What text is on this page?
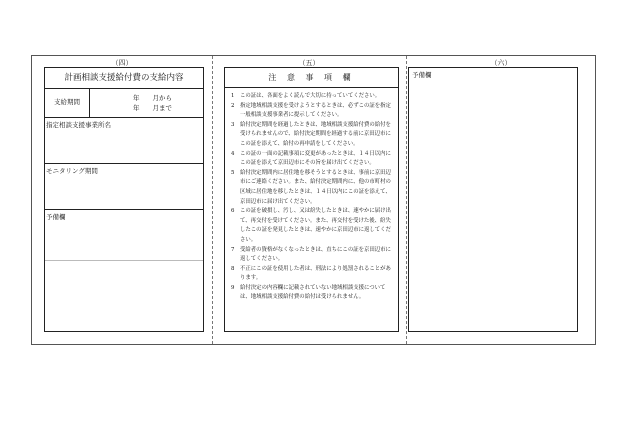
（四）
計画相談支援給付費の支給内容
支給期間	年　　月から
年　　月まで
指定相談支援事業所名
モニタリング期間
予備欄
（五）
注 意 事 項 欄
1 この証は、各面をよく読んで大切に持っていてください。
2 指定地域相談支援を受けようとするときは、必ずこの証を指定一般相談支援事業者に提示してください。
3 給付決定期間を経過したときは、地域相談支援給付費の給付を受けられませんので、給付決定期間を経過する前に京田辺市にこの証を添えて、給付の再申請をしてください。
4 この証の一面の記載事項に変更があったときは、１４日以内にこの証を添えて京田辺市にその旨を届け出てください。
5 給付決定期間内に居住地を移そうとするときは、事前に京田辺市にご連絡ください。また、給付決定期間内に、他の市町村の区域に居住地を移したときは、１４日以内にこの証を添えて、京田辺市に届け出てください。
6 この証を破損し、汚し、又は紛失したときは、速やかに届け出て、再交付を受けてください。また、再交付を受けた後、紛失したこの証を発見したときは、速やかに京田辺市に返してください。
7 受給者の資格がなくなったときは、直ちにこの証を京田辺市に返してください。
8 不正にこの証を使用した者は、刑法により処罰されることがあります。
9 給付決定の内容欄に記載されていない地域相談支援については、地域相談支援給付費の給付は受けられません。
（六）
予備欄
